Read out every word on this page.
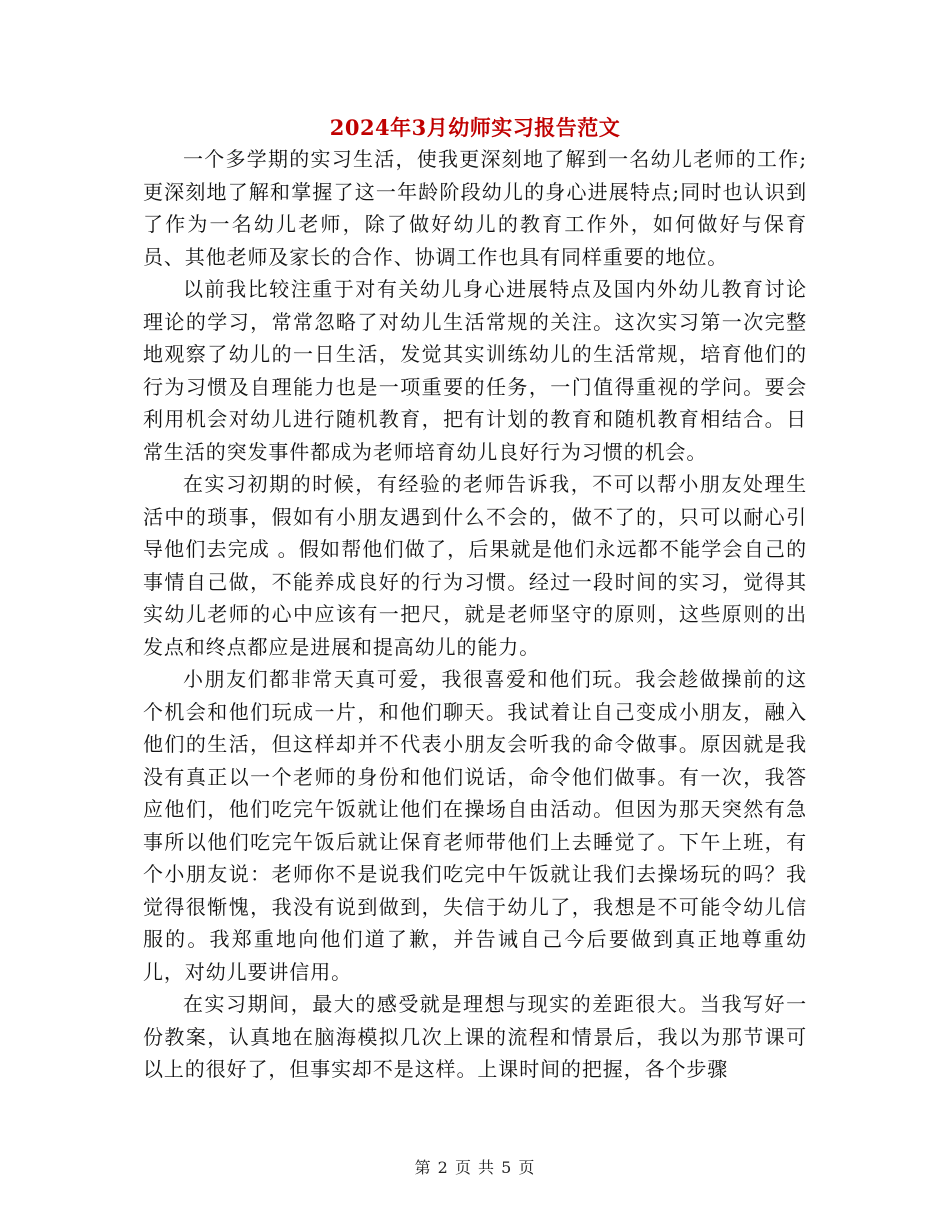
2024年3月幼师实习报告范文

一个多学期的实习生活，使我更深刻地了解到一名幼儿老师的工作;更深刻地了解和掌握了这一年龄阶段幼儿的身心进展特点;同时也认识到了作为一名幼儿老师，除了做好幼儿的教育工作外，如何做好与保育员、其他老师及家长的合作、协调工作也具有同样重要的地位。

以前我比较注重于对有关幼儿身心进展特点及国内外幼儿教育讨论理论的学习，常常忽略了对幼儿生活常规的关注。这次实习第一次完整地观察了幼儿的一日生活，发觉其实训练幼儿的生活常规，培育他们的行为习惯及自理能力也是一项重要的任务，一门值得重视的学问。要会利用机会对幼儿进行随机教育，把有计划的教育和随机教育相结合。日常生活的突发事件都成为老师培育幼儿良好行为习惯的机会。

在实习初期的时候，有经验的老师告诉我，不可以帮小朋友处理生活中的琐事，假如有小朋友遇到什么不会的，做不了的，只可以耐心引导他们去完成 。假如帮他们做了，后果就是他们永远都不能学会自己的事情自己做，不能养成良好的行为习惯。经过一段时间的实习，觉得其实幼儿老师的心中应该有一把尺，就是老师坚守的原则，这些原则的出发点和终点都应是进展和提高幼儿的能力。

小朋友们都非常天真可爱，我很喜爱和他们玩。我会趁做操前的这个机会和他们玩成一片，和他们聊天。我试着让自己变成小朋友，融入他们的生活，但这样却并不代表小朋友会听我的命令做事。原因就是我没有真正以一个老师的身份和他们说话，命令他们做事。有一次，我答应他们，他们吃完午饭就让他们在操场自由活动。但因为那天突然有急事所以他们吃完午饭后就让保育老师带他们上去睡觉了。下午上班，有个小朋友说：老师你不是说我们吃完中午饭就让我们去操场玩的吗？我觉得很惭愧，我没有说到做到，失信于幼儿了，我想是不可能令幼儿信服的。我郑重地向他们道了歉，并告诫自己今后要做到真正地尊重幼儿，对幼儿要讲信用。

在实习期间，最大的感受就是理想与现实的差距很大。当我写好一份教案，认真地在脑海模拟几次上课的流程和情景后，我以为那节课可以上的很好了，但事实却不是这样。上课时间的把握，各个步骤

第 2 页 共 5 页
